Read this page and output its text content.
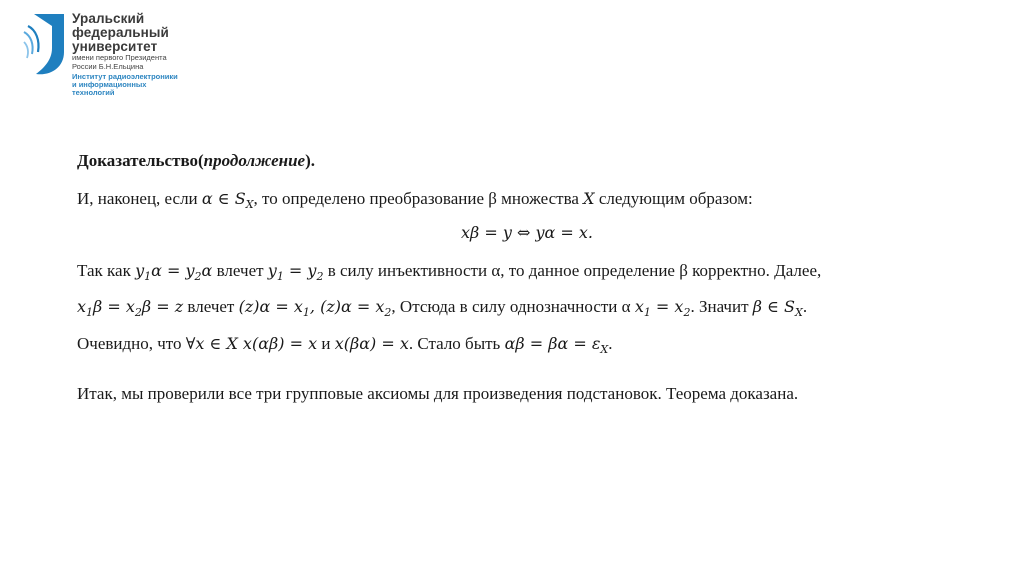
Уральский
федеральный
университет
имени первого Президента
России Б.Н.Ельцина
Институт радиоэлектроники
и информационных
технологий
Доказательство(продолжение).
И, наконец, если α ∈ $S_X$, то определено преобразование β множества X следующим образом:
xβ = y ⇔ yα = x.
Так как $y_1\alpha = y_2\alpha$ влечет $y_1 = y_2$ в силу инъективности α, то данное определение β корректно. Далее,
$x_1\beta = x_2\beta = z$ влечет $(z)\alpha = x_1$, $(z)\alpha = x_2$, Отсюда в силу однозначности α $x_1 = x_2$. Значит β ∈ $S_X$.
Очевидно, что ∀x ∈ X x(αβ) = x и x(βα) = x. Стало быть $\alpha\beta = \beta\alpha = \varepsilon_X$.
Итак, мы проверили все три групповые аксиомы для произведения подстановок. Теорема доказана.
